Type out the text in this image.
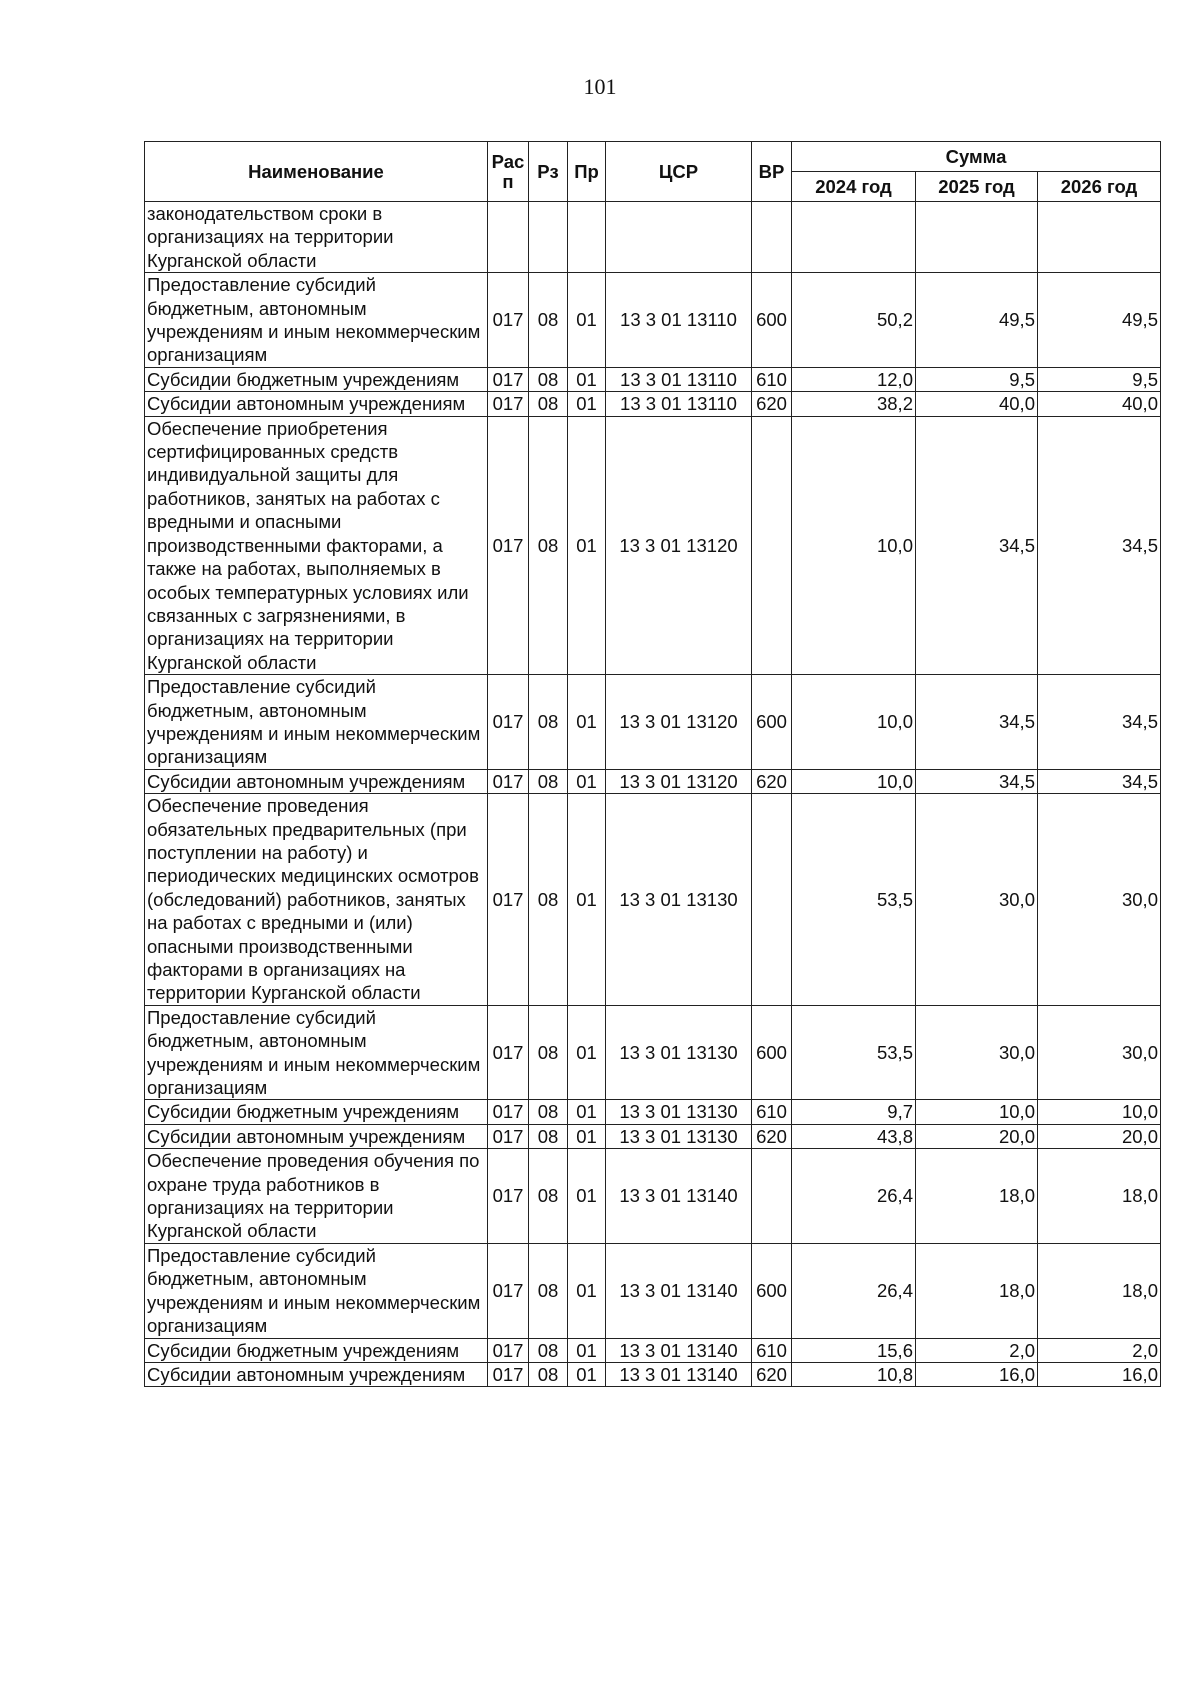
101
Наименование	Рас п	Рз	Пр	ЦСР	ВР	Сумма		
						2024 год	2025 год	2026 год
законодательством сроки в организациях на территории Курганской области								
Предоставление субсидий бюджетным, автономным учреждениям и иным некоммерческим организациям	017	08	01	13 3 01 13110	600	50,2	49,5	49,5
Субсидии бюджетным учреждениям	017	08	01	13 3 01 13110	610	12,0	9,5	9,5
Субсидии автономным учреждениям	017	08	01	13 3 01 13110	620	38,2	40,0	40,0
Обеспечение приобретения сертифицированных средств индивидуальной защиты для работников, занятых на работах с вредными и опасными производственными факторами, а также на работах, выполняемых в особых температурных условиях или связанных с загрязнениями, в организациях на территории Курганской области	017	08	01	13 3 01 13120		10,0	34,5	34,5
Предоставление субсидий бюджетным, автономным учреждениям и иным некоммерческим организациям	017	08	01	13 3 01 13120	600	10,0	34,5	34,5
Субсидии автономным учреждениям	017	08	01	13 3 01 13120	620	10,0	34,5	34,5
Обеспечение проведения обязательных предварительных (при поступлении на работу) и периодических медицинских осмотров (обследований) работников, занятых на работах с вредными и (или) опасными производственными факторами в организациях на территории Курганской области	017	08	01	13 3 01 13130		53,5	30,0	30,0
Предоставление субсидий бюджетным, автономным учреждениям и иным некоммерческим организациям	017	08	01	13 3 01 13130	600	53,5	30,0	30,0
Субсидии бюджетным учреждениям	017	08	01	13 3 01 13130	610	9,7	10,0	10,0
Субсидии автономным учреждениям	017	08	01	13 3 01 13130	620	43,8	20,0	20,0
Обеспечение проведения обучения по охране труда работников в организациях на территории Курганской области	017	08	01	13 3 01 13140		26,4	18,0	18,0
Предоставление субсидий бюджетным, автономным учреждениям и иным некоммерческим организациям	017	08	01	13 3 01 13140	600	26,4	18,0	18,0
Субсидии бюджетным учреждениям	017	08	01	13 3 01 13140	610	15,6	2,0	2,0
Субсидии автономным учреждениям	017	08	01	13 3 01 13140	620	10,8	16,0	16,0
